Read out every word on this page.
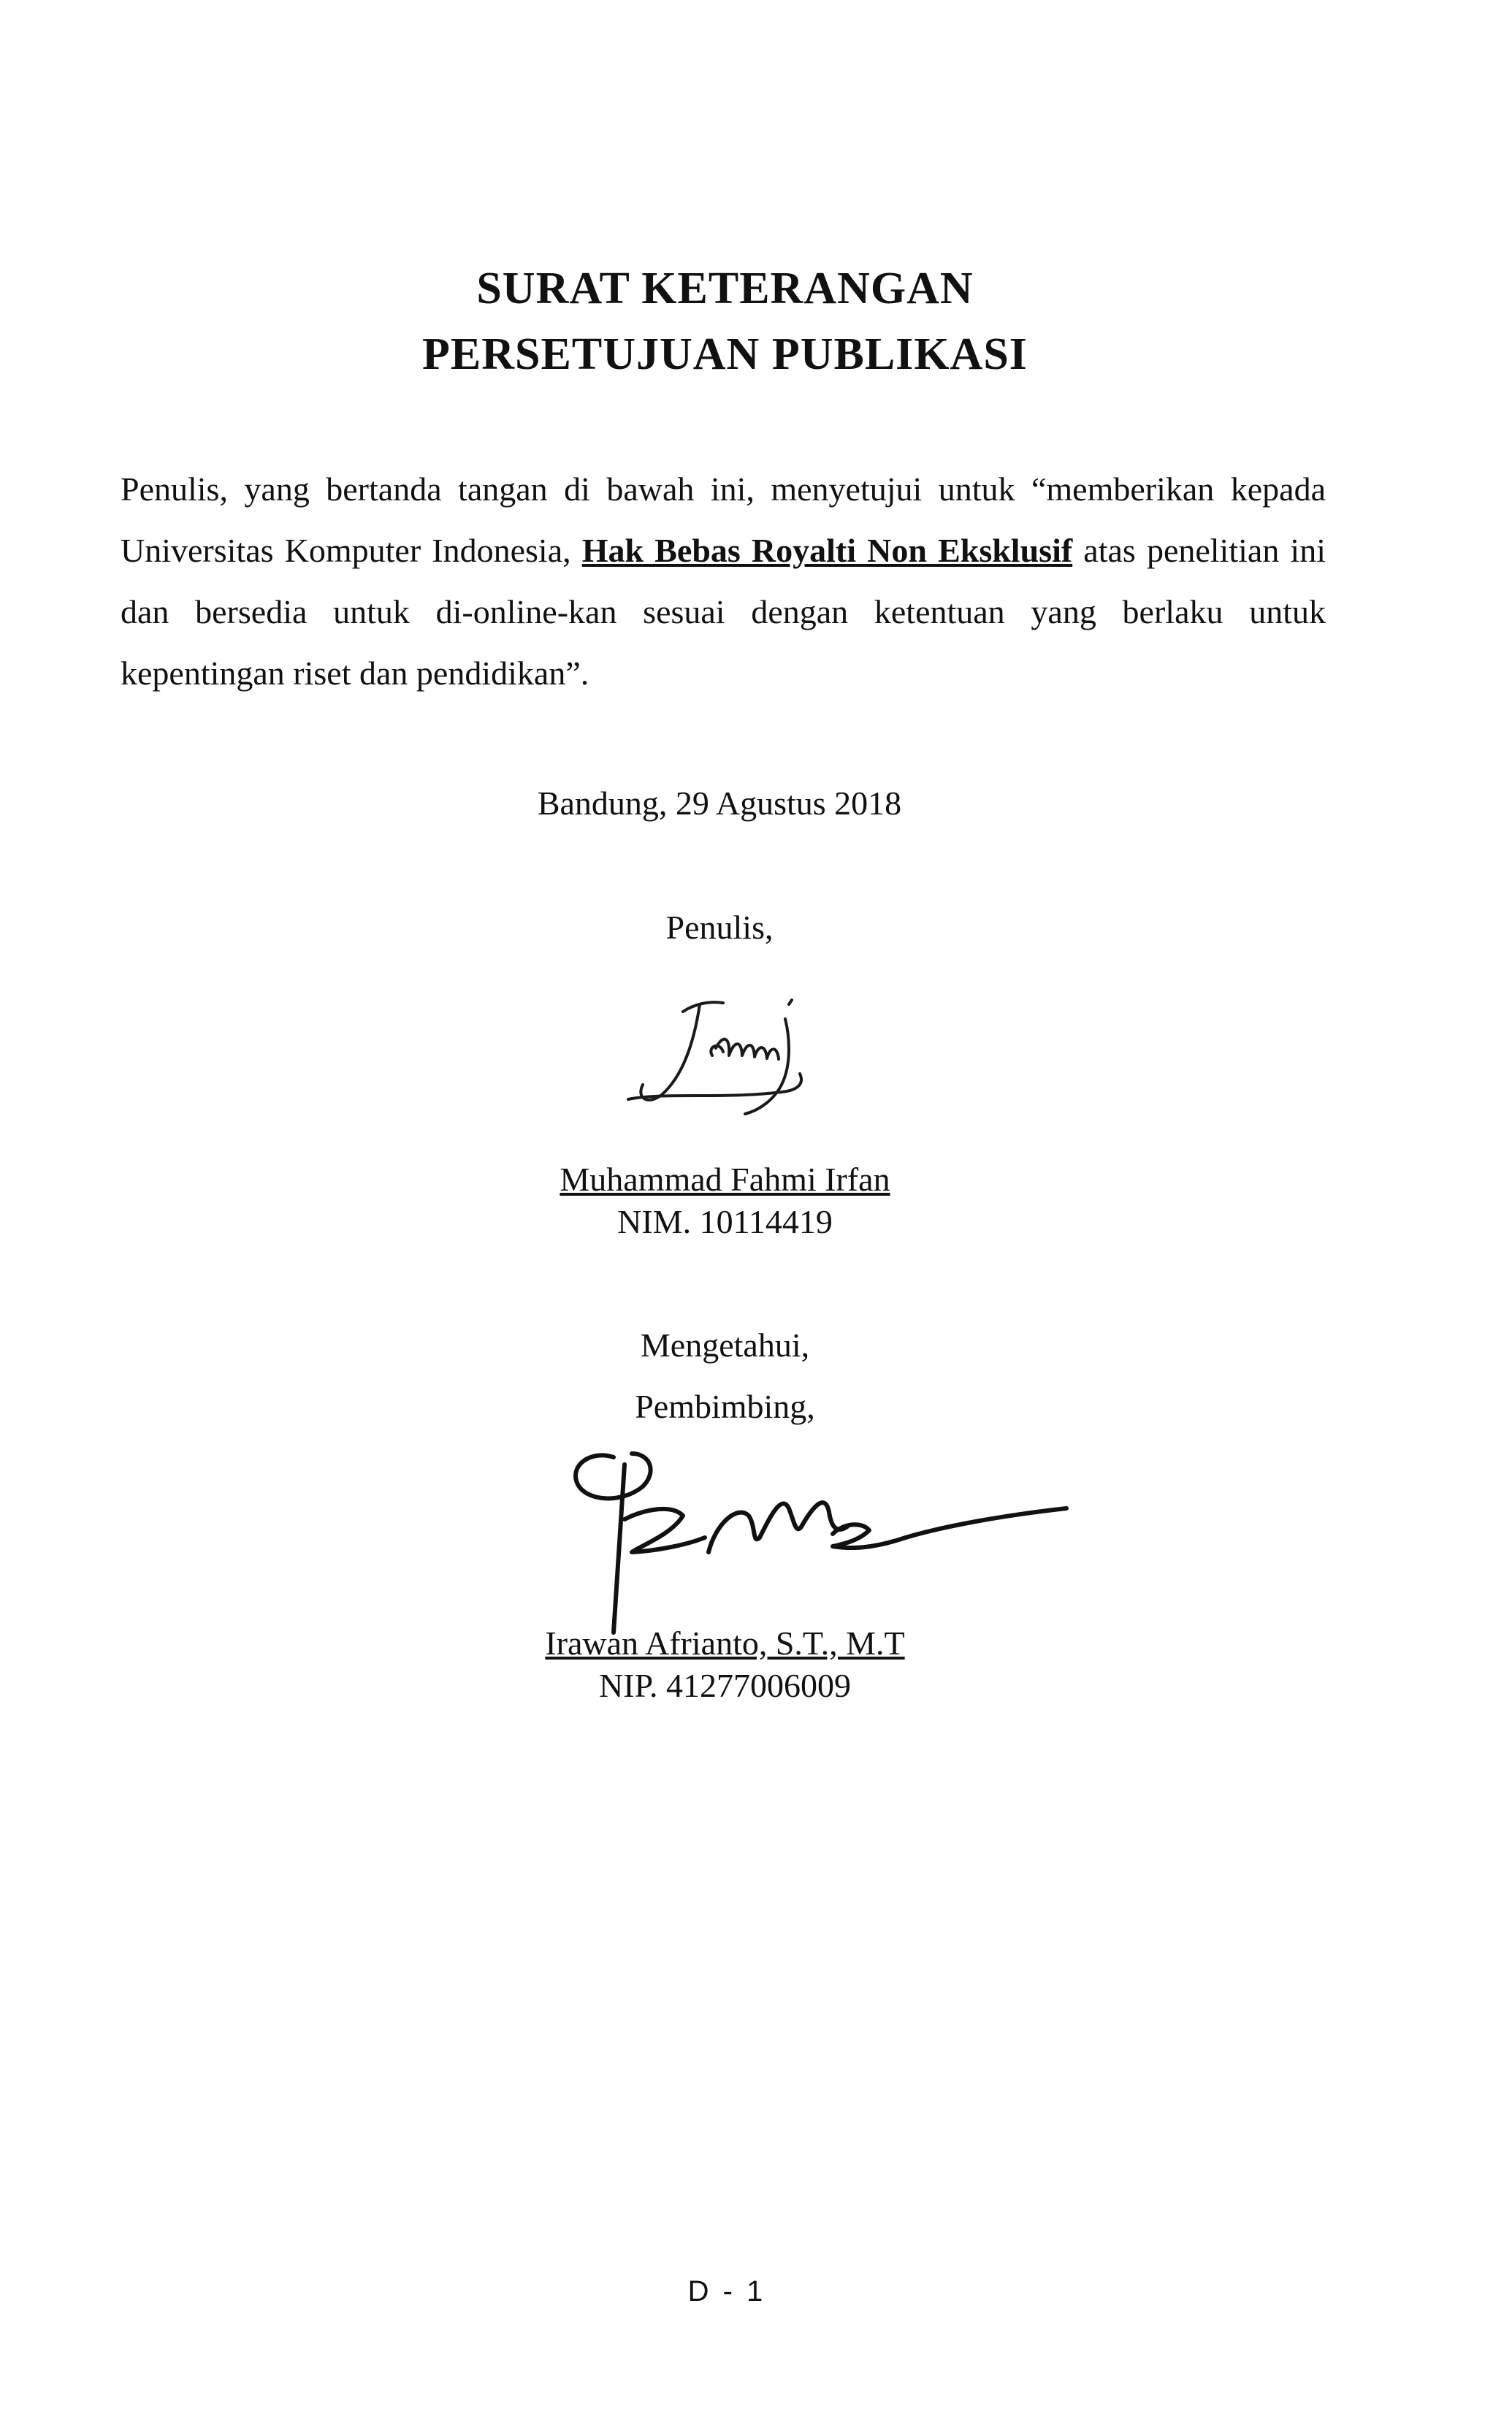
SURAT KETERANGAN
PERSETUJUAN PUBLIKASI

Penulis, yang bertanda tangan di bawah ini, menyetujui untuk “memberikan kepada Universitas Komputer Indonesia, Hak Bebas Royalti Non Eksklusif atas penelitian ini dan bersedia untuk di-online-kan sesuai dengan ketentuan yang berlaku untuk kepentingan riset dan pendidikan”.

Bandung, 29 Agustus 2018
Penulis,
Muhammad Fahmi Irfan
NIM. 10114419
Mengetahui,
Pembimbing,
Irawan Afrianto, S.T., M.T
NIP. 41277006009
D - 1
